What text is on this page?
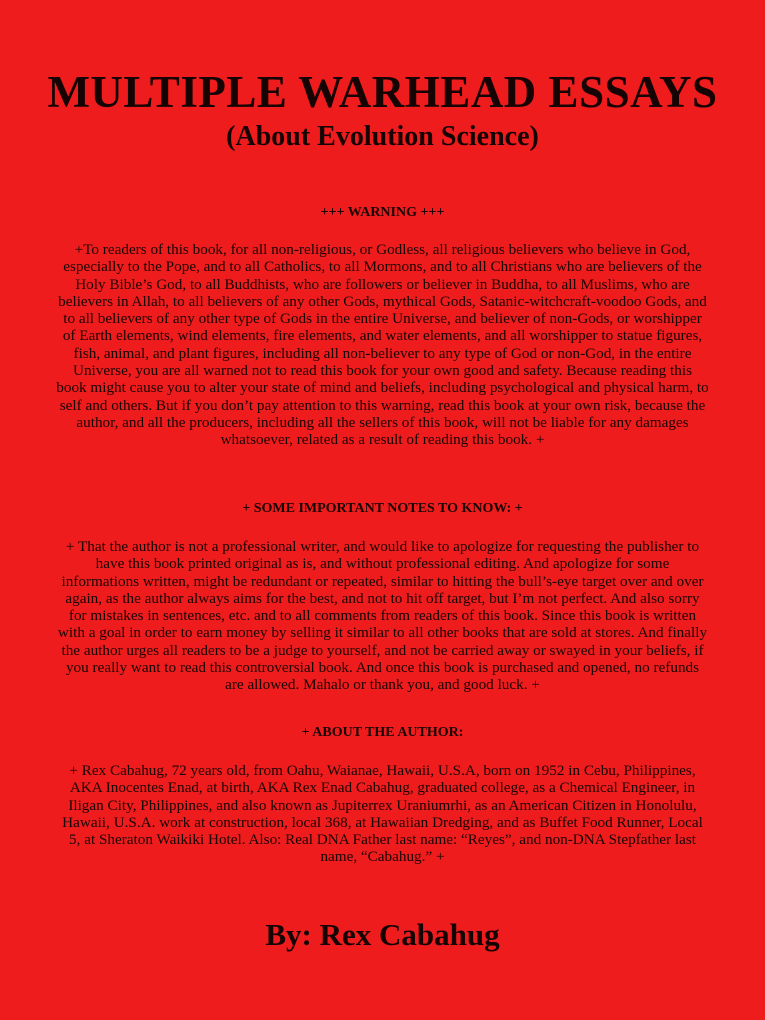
MULTIPLE WARHEAD ESSAYS
(About Evolution Science)
+++ WARNING +++

+To readers of this book, for all non-religious, or Godless, all religious believers who believe in God, especially to the Pope, and to all Catholics, to all Mormons, and to all Christians who are believers of the Holy Bible’s God, to all Buddhists, who are followers or believer in Buddha, to all Muslims, who are believers in Allah, to all believers of any other Gods, mythical Gods, Satanic-witchcraft-voodoo Gods, and to all believers of any other type of Gods in the entire Universe, and believer of non-Gods, or worshipper of Earth elements, wind elements, fire elements, and water elements, and all worshipper to statue figures, fish, animal, and plant figures, including all non-believer to any type of God or non-God, in the entire Universe, you are all warned not to read this book for your own good and safety. Because reading this book might cause you to alter your state of mind and beliefs, including psychological and physical harm, to self and others. But if you don’t pay attention to this warning, read this book at your own risk, because the author, and all the producers, including all the sellers of this book, will not be liable for any damages whatsoever, related as a result of reading this book. +

+ SOME IMPORTANT NOTES TO KNOW: +

+ That the author is not a professional writer, and would like to apologize for requesting the publisher to have this book printed original as is, and without professional editing. And apologize for some informations written, might be redundant or repeated, similar to hitting the bull’s-eye target over and over again, as the author always aims for the best, and not to hit off target, but I’m not perfect. And also sorry for mistakes in sentences, etc. and to all comments from readers of this book. Since this book is written with a goal in order to earn money by selling it similar to all other books that are sold at stores. And finally the author urges all readers to be a judge to yourself, and not be carried away or swayed in your beliefs, if you really want to read this controversial book. And once this book is purchased and opened, no refunds are allowed. Mahalo or thank you, and good luck. +

+ ABOUT THE AUTHOR:

+ Rex Cabahug, 72 years old, from Oahu, Waianae, Hawaii, U.S.A, born on 1952 in Cebu, Philippines, AKA Inocentes Enad, at birth, AKA Rex Enad Cabahug, graduated college, as a Chemical Engineer, in Iligan City, Philippines, and also known as Jupiterrex Uraniumrhi, as an American Citizen in Honolulu, Hawaii, U.S.A. work at construction, local 368, at Hawaiian Dredging, and as Buffet Food Runner, Local 5, at Sheraton Waikiki Hotel. Also: Real DNA Father last name: “Reyes”, and non-DNA Stepfather last name, “Cabahug.” +

By: Rex Cabahug
